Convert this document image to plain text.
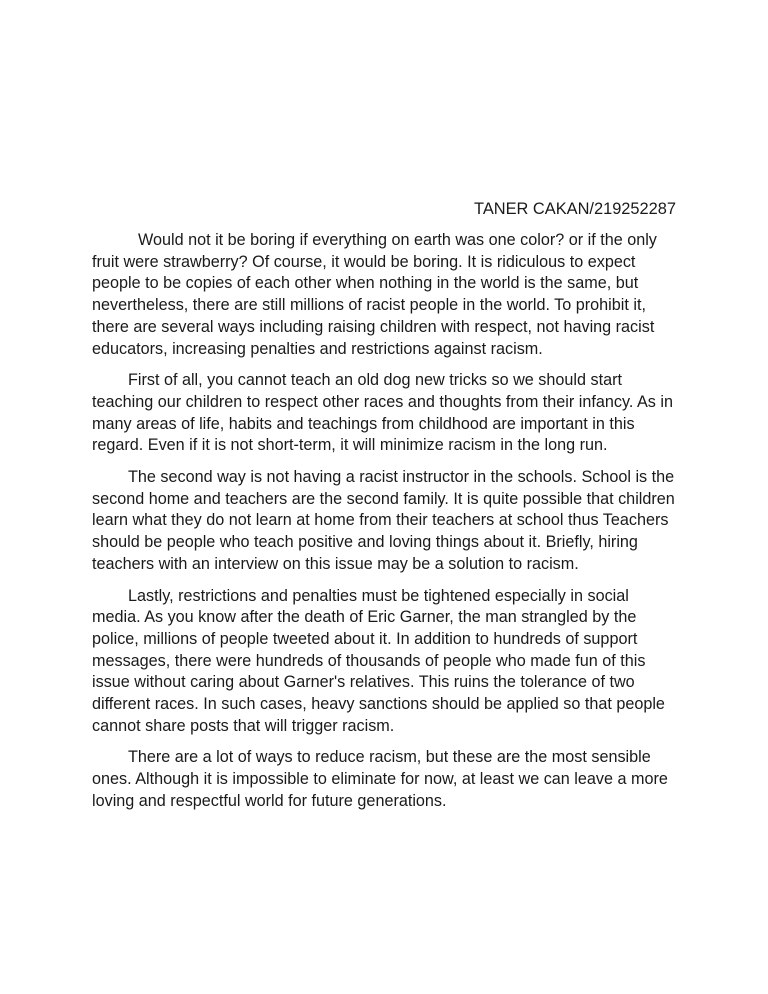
TANER CAKAN/219252287

Would not it be boring if everything on earth was one color? or if the only fruit were strawberry? Of course, it would be boring. It is ridiculous to expect people to be copies of each other when nothing in the world is the same, but nevertheless, there are still millions of racist people in the world. To prohibit it, there are several ways including raising children with respect, not having racist educators, increasing penalties and restrictions against racism.

First of all, you cannot teach an old dog new tricks so we should start teaching our children to respect other races and thoughts from their infancy. As in many areas of life, habits and teachings from childhood are important in this regard. Even if it is not short-term, it will minimize racism in the long run.

The second way is not having a racist instructor in the schools. School is the second home and teachers are the second family. It is quite possible that children learn what they do not learn at home from their teachers at school thus Teachers should be people who teach positive and loving things about it. Briefly, hiring teachers with an interview on this issue may be a solution to racism.

Lastly, restrictions and penalties must be tightened especially in social media. As you know after the death of Eric Garner, the man strangled by the police, millions of people tweeted about it. In addition to hundreds of support messages, there were hundreds of thousands of people who made fun of this issue without caring about Garner's relatives. This ruins the tolerance of two different races. In such cases, heavy sanctions should be applied so that people cannot share posts that will trigger racism.

There are a lot of ways to reduce racism, but these are the most sensible ones. Although it is impossible to eliminate for now, at least we can leave a more loving and respectful world for future generations.
